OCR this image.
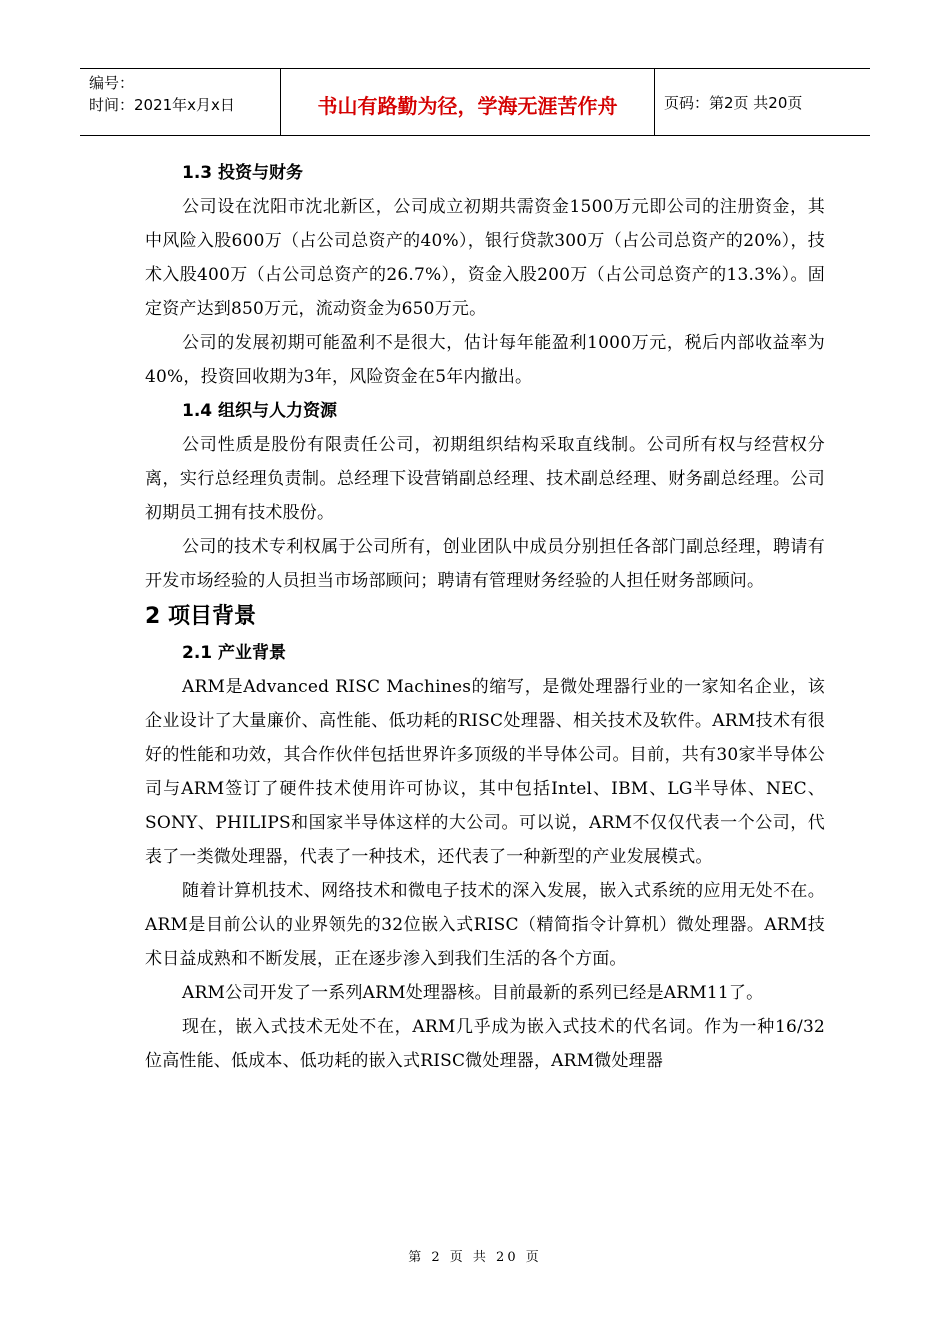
编号：
时间：2021年x月x日	书山有路勤为径，学海无涯苦作舟	页码：第2页 共20页
1.3 投资与财务

公司设在沈阳市沈北新区，公司成立初期共需资金1500万元即公司的注册资金，其中风险入股600万（占公司总资产的40%），银行贷款300万（占公司总资产的20%），技术入股400万（占公司总资产的26.7%），资金入股200万（占公司总资产的13.3%）。固定资产达到850万元，流动资金为650万元。

公司的发展初期可能盈利不是很大，估计每年能盈利1000万元，税后内部收益率为40%，投资回收期为3年，风险资金在5年内撤出。

1.4 组织与人力资源

公司性质是股份有限责任公司，初期组织结构采取直线制。公司所有权与经营权分离，实行总经理负责制。总经理下设营销副总经理、技术副总经理、财务副总经理。公司初期员工拥有技术股份。

公司的技术专利权属于公司所有，创业团队中成员分别担任各部门副总经理，聘请有开发市场经验的人员担当市场部顾问；聘请有管理财务经验的人担任财务部顾问。

2 项目背景
2.1 产业背景

ARM是Advanced RISC Machines的缩写，是微处理器行业的一家知名企业，该企业设计了大量廉价、高性能、低功耗的RISC处理器、相关技术及软件。ARM技术有很好的性能和功效，其合作伙伴包括世界许多顶级的半导体公司。目前，共有30家半导体公司与ARM签订了硬件技术使用许可协议，其中包括Intel、IBM、LG半导体、NEC、SONY、PHILIPS和国家半导体这样的大公司。可以说，ARM不仅仅代表一个公司，代表了一类微处理器，代表了一种技术，还代表了一种新型的产业发展模式。

随着计算机技术、网络技术和微电子技术的深入发展，嵌入式系统的应用无处不在。ARM是目前公认的业界领先的32位嵌入式RISC（精简指令计算机）微处理器。ARM技术日益成熟和不断发展，正在逐步渗入到我们生活的各个方面。

ARM公司开发了一系列ARM处理器核。目前最新的系列已经是ARM11了。

现在，嵌入式技术无处不在，ARM几乎成为嵌入式技术的代名词。作为一种16/32位高性能、低成本、低功耗的嵌入式RISC微处理器，ARM微处理器

第 2 页 共 20 页
